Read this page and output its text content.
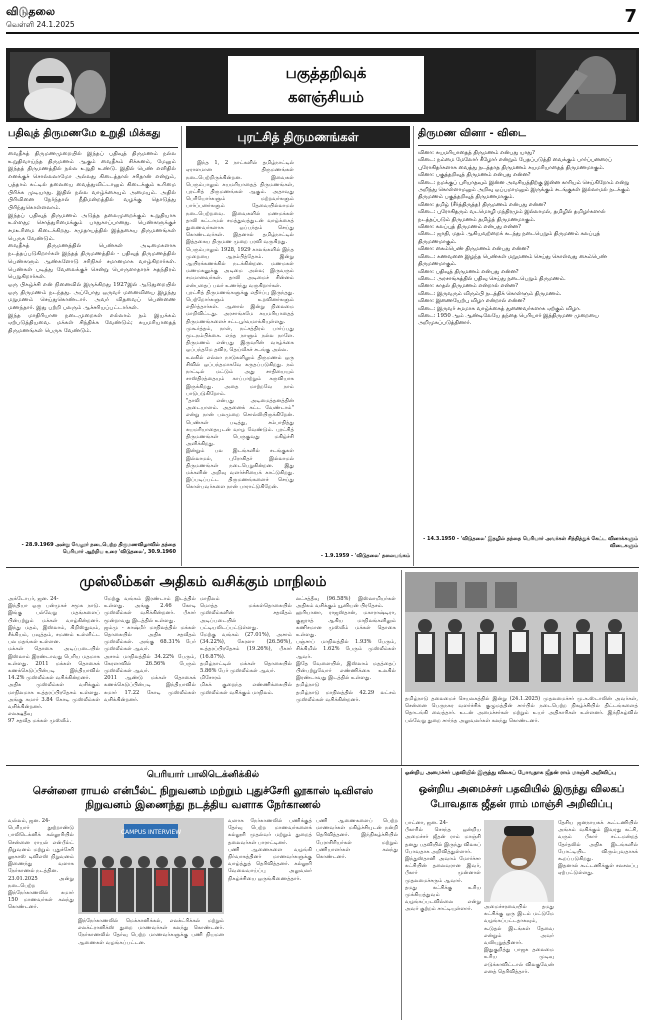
விடுதலை
வெள்ளி 24.1.2025	7
பகுத்தறிவுக்
களஞ்சியம்
பதிவுத் திருமணமே உறுதி மிக்கது
வைதீகத் திருமணமுறையில் இந்தப் பதிவுத் திருமணம் நல்ல உறுதிவாய்ந்த திருமணம் ஆகும் வைதீகம் சிக்கனம், மேலும் இந்தத் திருமணத்தில் நல்ல உறுதி உண்டு. இதில் பெண் எளிதில் எனக்குச் சொல்லலாமோ அல்லது கிடைத்தால் சரிதான் என்றும், பத்தாம் கட்டில் தலையை வைத்துவிட்டாலும் கிடைக்கும் உரிமை பிரிக்க முடியாது. இதில் நல்ல வாழ்க்கையும் அமையும். அதில் பிரிவினை நேர்ந்தால் நீதிமன்றத்தில் வழக்கு தொடுத்து பிரிந்துகொள்ளலாம்.
இந்தப் பதிவுத் திருமணம் அடுத்த தலைமுறைக்கும் உறுதியாக உள்ளது; சொத்துரிமைக்கும் பாதுகாப்பானது. பெண்களுக்குச் சமஉரிமை கிடைக்கிறது. சமுதாயத்தில் இத்தகைய திருமணங்கள் பெருக வேண்டும்.
வைதீகத் திருமணத்தில் பெண்கள் அடிமைகளாக நடத்தப்படுகிறார்கள் இந்தத் திருமணத்தில் - பதிவுத் திருமணத்தில் பெண்களும் ஆண்களோடு சரிநிகர் சமானமாக வாழ்கிறார்கள். பெண்கள் படித்து வேலைக்குச் சென்று பொருளாதாரச் சுதந்திரம் பெறுகிறார்கள்.
ஒரு பிகழ்ச்சி என் நினைவில் இருக்கிறது 1927இல் ஆடுதுறையில் ஒரு திருமணம் நடந்தது. அப்போது ஒருவர் மனைவியை இழந்து மறுமணம் செய்துகொண்டார். அவர் விதவைப் பெண்ணை மணந்தார். இது பற்றி பலரும் ஆச்சரியப்பட்டார்கள்.
இந்த மாதிரியான நடைமுறைகள் எல்லாம் நம் இயக்கம் ஏற்படுத்தியவை. மக்கள் சிந்திக்க வேண்டும்; சுயமரியாதைத் திருமணங்கள் பெருக வேண்டும்.
- 28.9.1969 அன்று வேலூர் நடைபெற்ற திருமணவிழாவில் தந்தை பெரியார் ஆற்றிய உரை 'விடுதலை', 30.9.1960
புரட்சித் திருமணங்கள்

இந்த 1, 2 நாட்களில் தமிழ்நாட்டில் ஏராளமான திருமணங்கள் நடைபெற்றிருக்கின்றன. இவைகள் பெரும்பாலும் சுயமரியாதைத் திருமணங்கள், புரட்சித் திருமணங்கள் ஆகும். அதாவது பெரியோர்களும் மற்றவர்களும் பார்ப்பனர்களும் தேவையில்லாமல் நடைபெற்றவை. இவைகளில் மணமக்கள் தாலி கட்டாமல் சமத்துவத்துடன் வாழ்க்கைத் துணைவர்களாக ஒப்பந்தம் செய்து கொண்டவர்கள். இதனால் தமிழ்நாட்டில் இத்தகைய திருமண முறை பரவி வருகிறது.
பெரும்பாலும் 1928, 1929 காலங்களில் இந்த முறையை ஆரம்பித்தோம். இன்று ஆயிரக்கணக்கில் நடக்கின்றன. மணமகள் மணமகனுக்கு அடிமை அல்ல; இருவரும் சமமானவர்கள். தாலி அடிமைச் சின்னம் என்பதைப் பலர் உணர்ந்து வருகிறார்கள்.
புரட்சித் திருமணங்களுக்கு எதிர்ப்பு இருந்தது. பெற்றோர்களும் உறவினர்களும் எதிர்த்தார்கள். ஆனால் இன்று நிலைமை மாறிவிட்டது. அரசாங்கமே சுயமரியாதைத் திருமணங்களைச் சட்டபூர்வமாக்கியுள்ளது.
முகூர்த்தம், நாள், நட்சத்திரம் பார்ப்பது மூடநம்பிக்கை. எந்த நாளும் நல்ல நாளே. திருமணம் என்பது இருவரின் வாழ்க்கை ஒப்பந்தமே தவிர, தெய்வீகச் சடங்கு அல்ல.
உலகில் எல்லா நாடுகளிலும் திருமணம் ஒரு சிவில் ஒப்பந்தமாகவே கருதப்படுகிறது. நம் நாட்டில் மட்டும் அது சாதியையும் சாஸ்திரத்தையும் காப்பாற்றும் கருவியாக இருக்கிறது. அதை மாற்றவே நாம் பாடுபடுகிறோம்.
"தாலி என்பது அடிமைத்தனத்தின் அடையாளம். அதனைக் கட்ட வேண்டாம்" என்று நான் பலமுறை சொல்லியிருக்கிறேன். பெண்கள் படித்து, சம்பாதித்து சுயமரியாதையுடன் வாழ வேண்டும். புரட்சித் திருமணங்கள் பெருகுவது மகிழ்ச்சி அளிக்கிறது.
இன்றும் பல இடங்களில் சடங்குகள் இல்லாமல், புரோகிதர் இல்லாமல் திருமணங்கள் நடைபெறுகின்றன. இது மக்களின் அறிவு வளர்ச்சியைக் காட்டுகிறது. இப்படிப்பட்ட திருமணங்களைச் செய்து கொள்பவர்களை நான் பாராட்டுகிறேன்.

- 1.9.1959 - 'விடுதலை' தலையங்கம்
திருமண வினா - விடை
வினா: சுயமரியாதைத் திருமணம் என்பது யாது?
விடை: நம்மை மேலோர் கீழோர் என்றும் பேதப்படுத்தி வைக்கும் பார்ப்பனரைப் புரோகிதர்களாக வைத்து நடத்தாத திருமணம் சுயமரியாதைத் திருமணமாகும்.
வினா: பகுத்தறிவுத் திருமணம் என்பது என்ன?
விடை: நமக்குப் புரியாதவும் இன்ன அவசியத்திற்கு இன்ன காரியம் செய்கிறோம் என்று அறிந்து கொள்ளாமலும் அறிவு ஒப்பமாமலும் இருக்கும் சடங்குகள் இல்லாமல் நடக்கும் திருமணம் பகுத்தறிவுத் திருமணமாகும்.
வினா: தமிழ் (சீர்த்திருத்த) திருமணம் என்பது என்ன?
விடை: புரோகிதரும் வடமொழி மந்திரமும் இல்லாமல், தமிழில் தமிழர்களால் நடத்தப்படும் திருமணம் தமிழ்த் திருமணமாகும்.
வினா: கலப்புத் திருமணம் என்பது என்ன?
விடை: ஜாதி, மதம் ஆகியவற்றைக் கடந்து நடைபெறும் திருமணம் கலப்புத் திருமணமாகும்.
வினா: கைம்பெண் திருமணம் என்பது என்ன?
விடை: கணவனை இழந்த பெண்கள் மறுமணம் செய்து கொள்வது கைம்பெண் திருமணமாகும்.
வினா: பதிவுத் திருமணம் என்பது என்ன?
விடை: அரசாங்கத்தில் பதிவு செய்து நடைபெறும் திருமணம்.
வினா: காதல் திருமணம் என்றால் என்ன?
விடை: இருவரும் விரும்பி நடத்திக் கொள்ளும் திருமணம்.
வினா: இணையேற்பு விழா என்றால் என்ன?
விடை: இருவர் சமமாக வாழ்க்கைத் துணைவர்களாக ஏற்கும் விழா.
விடை: 1950 ஆம் ஆண்டிலேயே தந்தை பெரியார் இத்திருமண முறையை அறிமுகப்படுத்தினார்.
- 14.3.1950 - 'விடுதலை' இதழில் தந்தை பெரியார் அவர்கள் சிந்தித்துக் கேட்ட வினாக்களும் விடைகளும்
முஸ்லீம்கள் அதிகம் வசிக்கும் மாநிலம்
அக்டோபர், ஜன. 24-
இந்தியா ஒரு பன்முகச் சமூக நாடு. இங்கு பல்வேறு மதங்களைப் பின்பற்றும் மக்கள் வாழ்கின்றனர். இந்து மதம், இஸ்லாம், கிறிஸ்துவம், சீக்கியம், பவுத்தம், சமணம் உள்ளிட்ட பல மதங்கள் உள்ளன.
மக்கள் தொகை அடிப்படையில் இஸ்லாம் இரண்டாவது பெரிய மதமாக உள்ளது. 2011 மக்கள் தொகைக் கணக்கெடுப்பின்படி இந்தியாவில் 14.2% முஸ்லீம்கள் வசிக்கின்றனர்.
அதிக முஸ்லீம்கள் வசிக்கும் மாநிலமாக உத்தரப்பிரதேசம் உள்ளது. அங்கு சுமார் 3.84 கோடி முஸ்லீம்கள் வசிக்கின்றனர்.
எலக்ஷதீவு
97 சதவீத மக்கள் முஸ்லீம்.
மேற்கு வங்கம் இரண்டாம் இடத்தில் உள்ளது. அங்கு 2.46 கோடி முஸ்லீம்கள் வசிக்கின்றனர். பீகார் மூன்றாவது இடத்தில் உள்ளது.
ஜம்மு - காஷ்மீர் மாநிலத்தில் மக்கள் தொகையில் அதிக சதவீதம் முஸ்லீம்கள். அங்கு 68.31% பேர் முஸ்லீம்கள் ஆவர்.
அசாம் மாநிலத்தில் 34.22% பேரும், கேரளாவில் 26.56% பேரும் முஸ்லீம்கள் ஆவர்.
2011 ஆண்டு மக்கள் தொகைக் கணக்கெடுப்பின்படி இந்தியாவில் சுமார் 17.22 கோடி முஸ்லீம்கள் வசிக்கின்றனர்.
மாநிலம்
மொத்த மக்கள்தொகையில் முஸ்லீம்களின் சதவீதம் அடிப்படையில் பட்டியலிடப்பட்டுள்ளது.
மேற்கு வங்கம் (27.01%), அசாம் (34.22%), கேரளா (26.56%), உத்தரப்பிரதேசம் (19.26%), பீகார் (16.87%).
தமிழ்நாட்டில் மக்கள் தொகையில் 5.86% பேர் முஸ்லீம்கள் ஆவர்.
மிசோரம்
மிகக் குறைந்த எண்ணிக்கையில் முஸ்லீம்கள் வசிக்கும் மாநிலம்.
லட்சத்தீவு (96.58%) இஸ்லாமியர்கள் அதிகம் வசிக்கும் யூனியன் பிரதேசம்.
ஹரியானா, ராஜஸ்தான், மகாராஷ்டிரா, குஜராத் ஆகிய மாநிலங்களிலும் கணிசமான முஸ்லீம் மக்கள் தொகை உள்ளது.
பஞ்சாப் மாநிலத்தில் 1.93% பேரும், சிக்கிமில் 1.62% பேரும் முஸ்லீம்கள் ஆவர்.
இதே வேளையில், இஸ்லாம் மதத்தைப் பின்பற்றுவோர் எண்ணிக்கை உலகில் இரண்டாவது இடத்தில் உள்ளது.
தமிழ்நாடு
தமிழ்நாடு மாநிலத்தில் 42.29 லட்சம் முஸ்லீம்கள் வசிக்கின்றனர்.	தமிழ்நாடு தலைமைச் செயலகத்தில் இன்று (24.1.2025) முதலமைச்சர் மு.க.ஸ்டாலின் அவர்கள், சென்னை பெருநகர வளர்ச்சிக் குழுமத்தின் சார்பில் நடைபெற்ற நிகழ்ச்சியில் திட்டங்களைத் தொடங்கி வைத்தார். உடன் அமைச்சர்கள் மற்றும் உயர் அதிகாரிகள் உள்ளனர். இந்நிகழ்வில் பல்வேறு துறை சார்ந்த அலுவலர்கள் கலந்து கொண்டனர்.
பெரியார் பாலிடெக்னிக்கில்
சென்னை ராயல் என்பீல்ட் நிறுவனம் மற்றும் புதுச்சேரி லூகாஸ் டிவிஎஸ் நிறுவனம் இணைந்து நடத்திய வளாக நேர்காணல்
வல்லம், ஜன. 24-
பெரியார் நூற்றாண்டு பாலிடெக்னிக் கல்லூரியில் சென்னை ராயல் என்பீல்ட் நிறுவனம் மற்றும் புதுச்சேரி லூகாஸ் டிவிஎஸ் நிறுவனம் இணைந்து வளாக நேர்காணல் நடத்தின.
23.01.2025 அன்று நடைபெற்ற இந்நேர்காணலில் சுமார் 150 மாணவர்கள் கலந்து கொண்டனர்.
CAMPUS INTERVIEW
இந்நேர்காணலில் மெக்கானிக்கல், எலக்ட்ரிக்கல் மற்றும் எலக்ட்ரானிக்ஸ் துறை மாணவர்கள் கலந்து கொண்டனர். நேர்காணலில் தேர்வு பெற்ற மாணவர்களுக்கு பணி நியமன ஆணைகள் வழங்கப்பட்டன.
வளாக நேர்காணலில் பணிக்குத் தேர்வு பெற்ற மாணவர்களைக் கல்லூரி முதல்வர் மற்றும் துறைத் தலைவர்கள் பாராட்டினர்.
பணி ஆணைகளை வழங்கி நிர்வாகத்தினர் மாணவர்களுக்கு வாழ்த்துத் தெரிவித்தனர். கல்லூரி வேலைவாய்ப்பு அலுவலர் நிகழ்ச்சியை ஒருங்கிணைத்தார்.
பணி ஆணைகளைப் பெற்ற மாணவர்கள் மகிழ்ச்சியுடன் நன்றி தெரிவித்தனர். இந்நிகழ்ச்சியில் பேராசிரியர்கள் மற்றும் பணியாளர்கள் கலந்து கொண்டனர்.
ஒன்றிய அமைச்சர் பதவியில் இருந்து விலகப் போவதாக ஜீதன் ராம் மாஞ்சி அறிவிப்பு
ஒன்றிய அமைச்சர் பதவியில் இருந்து விலகப் போவதாக ஜீதன் ராம் மாஞ்சி அறிவிப்பு
பாட்னா, ஜன. 24-
பீகாரில் சொந்த ஒன்றிய அமைச்சர் ஜீதன் ராம் மாஞ்சி தனது பதவியில் இருந்து விலகப் போவதாக அறிவித்துள்ளார்.
இந்துஸ்தானி அவாம் மோர்ச்சா கட்சியின் தலைவரான இவர், பீகார் முன்னாள் முதலமைச்சரும் ஆவார்.
தமது கட்சிக்கு உரிய முக்கியத்துவம் வழங்கப்படவில்லை என்று அவர் குற்றம் சாட்டியுள்ளார்.	அமைச்சரவையில் தமது கட்சிக்கு ஒரு இடம் மட்டுமே வழங்கப்பட்டதாகவும், கூடுதல் இடங்கள் தேவை என்றும் அவர் வலியுறுத்தினார்.
இதுகுறித்து பாஜக தலைமை உரிய முடிவு எடுக்காவிட்டால் விலகுவேன் எனத் தெரிவித்தார்.
தேசிய ஜனநாயகக் கூட்டணியில் அங்கம் வகிக்கும் இவரது கட்சி, வரும் பீகார் சட்டமன்றத் தேர்தலில் அதிக இடங்களில் போட்டியிட விரும்புவதாகக் கூறப்படுகிறது.
இதனால் கூட்டணிக்குள் சலசலப்பு ஏற்பட்டுள்ளது.
